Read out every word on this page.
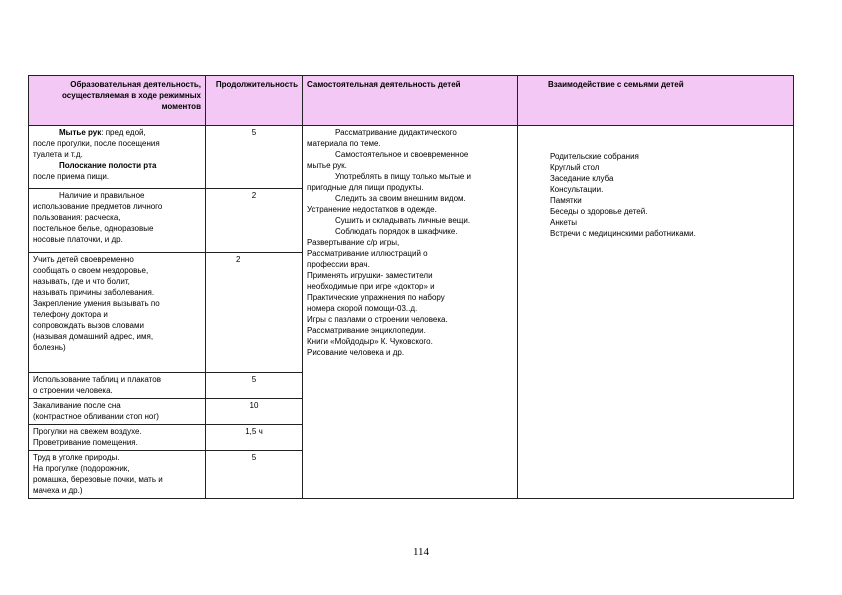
Образовательная деятельность, осуществляемая в ходе режимных моментов
Продолжительность	Самостоятельная деятельность детей	Взаимодействие с семьями детей
Мытье рук: пред едой,
после прогулки, после посещения
туалета и т.д.
Полоскание полости рта
после приема пищи.
5
Наличие и правильное
использование предметов личного
пользования: расческа,
постельное белье, одноразовые
носовые платочки, и др.
2
Учить детей своевременно
сообщать о своем нездоровье,
называть, где и что болит,
называть причины заболевания.
Закрепление умения вызывать по
телефону доктора и
сопровождать вызов словами
(называя домашний адрес, имя,
болезнь)
2
Использование таблиц и плакатов
о строении человека.
5
Закаливание после сна
(контрастное обливании стоп ног)
10
Прогулки на свежем воздухе.
Проветривание помещения.
1,5 ч
Труд в уголке природы.
На прогулке (подорожник,
ромашка, березовые почки, мать и
мачеха и др.)
5
Рассматривание дидактического
материала по теме.
Самостоятельное и своевременное
мытье рук.
Употреблять в пищу только мытые и
пригодные для пищи продукты.
Следить за своим внешним видом.
Устранение недостатков в одежде.
Сушить и складывать личные вещи.
Соблюдать порядок в шкафчике.
Развертывание с/р игры,
Рассматривание иллюстраций о
профессии врач.
Применять игрушки- заместители
необходимые при игре «доктор» и
Практические упражнения по набору
номера скорой помощи-03..д.
Игры с пазлами о строении человека.
Рассматривание энциклопедии.
Книги «Мойдодыр» К. Чуковского.
Рисование человека и др.
Родительские собрания
Круглый стол
Заседание клуба
Консультации.
Памятки
Беседы о здоровье детей.
Анкеты
Встречи с медицинскими работниками.
114
